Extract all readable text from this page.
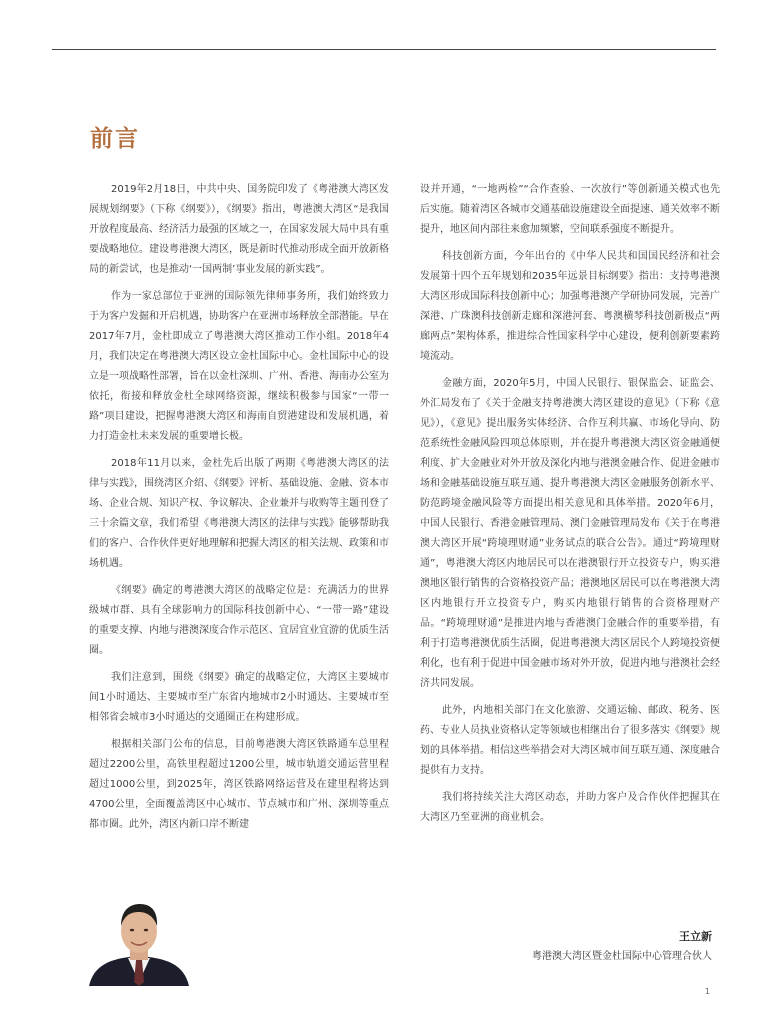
前言

2019年2月18日，中共中央、国务院印发了《粤港澳大湾区发展规划纲要》（下称《纲要》），《纲要》指出，粤港澳大湾区“是我国开放程度最高、经济活力最强的区域之一，在国家发展大局中具有重要战略地位。建设粤港澳大湾区，既是新时代推动形成全面开放新格局的新尝试，也是推动‘一国两制’事业发展的新实践”。

作为一家总部位于亚洲的国际领先律师事务所，我们始终致力于为客户发掘和开启机遇，协助客户在亚洲市场释放全部潜能。早在2017年7月，金杜即成立了粤港澳大湾区推动工作小组。2018年4月，我们决定在粤港澳大湾区设立金杜国际中心。金杜国际中心的设立是一项战略性部署，旨在以金杜深圳、广州、香港、海南办公室为依托，衔接和释放金杜全球网络资源，继续积极参与国家“一带一路”项目建设，把握粤港澳大湾区和海南自贸港建设和发展机遇，着力打造金杜未来发展的重要增长极。

2018年11月以来，金杜先后出版了两期《粤港澳大湾区的法律与实践》，围绕湾区介绍、《纲要》评析、基础设施、金融、资本市场、企业合规、知识产权、争议解决、企业兼并与收购等主题刊登了三十余篇文章，我们希望《粤港澳大湾区的法律与实践》能够帮助我们的客户、合作伙伴更好地理解和把握大湾区的相关法规、政策和市场机遇。

《纲要》确定的粤港澳大湾区的战略定位是：充满活力的世界级城市群、具有全球影响力的国际科技创新中心、“一带一路”建设的重要支撑、内地与港澳深度合作示范区、宜居宜业宜游的优质生活圈。

我们注意到，围绕《纲要》确定的战略定位，大湾区主要城市间1小时通达、主要城市至广东省内地城市2小时通达、主要城市至相邻省会城市3小时通达的交通圈正在构建形成。

根据相关部门公布的信息，目前粤港澳大湾区铁路通车总里程超过2200公里，高铁里程超过1200公里，城市轨道交通运营里程超过1000公里，到2025年，湾区铁路网络运营及在建里程将达到4700公里，全面覆盖湾区中心城市、节点城市和广州、深圳等重点都市圈。此外，湾区内新口岸不断建

设并开通，“一地两检”“合作查验、一次放行”等创新通关模式也先后实施。随着湾区各城市交通基础设施建设全面提速、通关效率不断提升，地区间内部往来愈加频繁，空间联系强度不断提升。

科技创新方面，今年出台的《中华人民共和国国民经济和社会发展第十四个五年规划和2035年远景目标纲要》指出：支持粤港澳大湾区形成国际科技创新中心；加强粤港澳产学研协同发展，完善广深港、广珠澳科技创新走廊和深港河套、粤澳横琴科技创新极点“两廊两点”架构体系，推进综合性国家科学中心建设，便利创新要素跨境流动。

金融方面，2020年5月，中国人民银行、银保监会、证监会、外汇局发布了《关于金融支持粤港澳大湾区建设的意见》（下称《意见》），《意见》提出服务实体经济、合作互利共赢、市场化导向、防范系统性金融风险四项总体原则，并在提升粤港澳大湾区资金融通便利度、扩大金融业对外开放及深化内地与港澳金融合作、促进金融市场和金融基础设施互联互通、提升粤港澳大湾区金融服务创新水平、防范跨境金融风险等方面提出相关意见和具体举措。2020年6月，中国人民银行、香港金融管理局、澳门金融管理局发布《关于在粤港澳大湾区开展“跨境理财通”业务试点的联合公告》。通过“跨境理财通”，粤港澳大湾区内地居民可以在港澳银行开立投资专户，购买港澳地区银行销售的合资格投资产品；港澳地区居民可以在粤港澳大湾区内地银行开立投资专户，购买内地银行销售的合资格理财产品。“跨境理财通”是推进内地与香港澳门金融合作的重要举措，有利于打造粤港澳优质生活圈，促进粤港澳大湾区居民个人跨境投资便利化，也有利于促进中国金融市场对外开放，促进内地与港澳社会经济共同发展。

此外，内地相关部门在文化旅游、交通运输、邮政、税务、医药、专业人员执业资格认定等领域也相继出台了很多落实《纲要》规划的具体举措。相信这些举措会对大湾区城市间互联互通、深度融合提供有力支持。

我们将持续关注大湾区动态，并助力客户及合作伙伴把握其在大湾区乃至亚洲的商业机会。

王立新

粤港澳大湾区暨金杜国际中心管理合伙人

1
